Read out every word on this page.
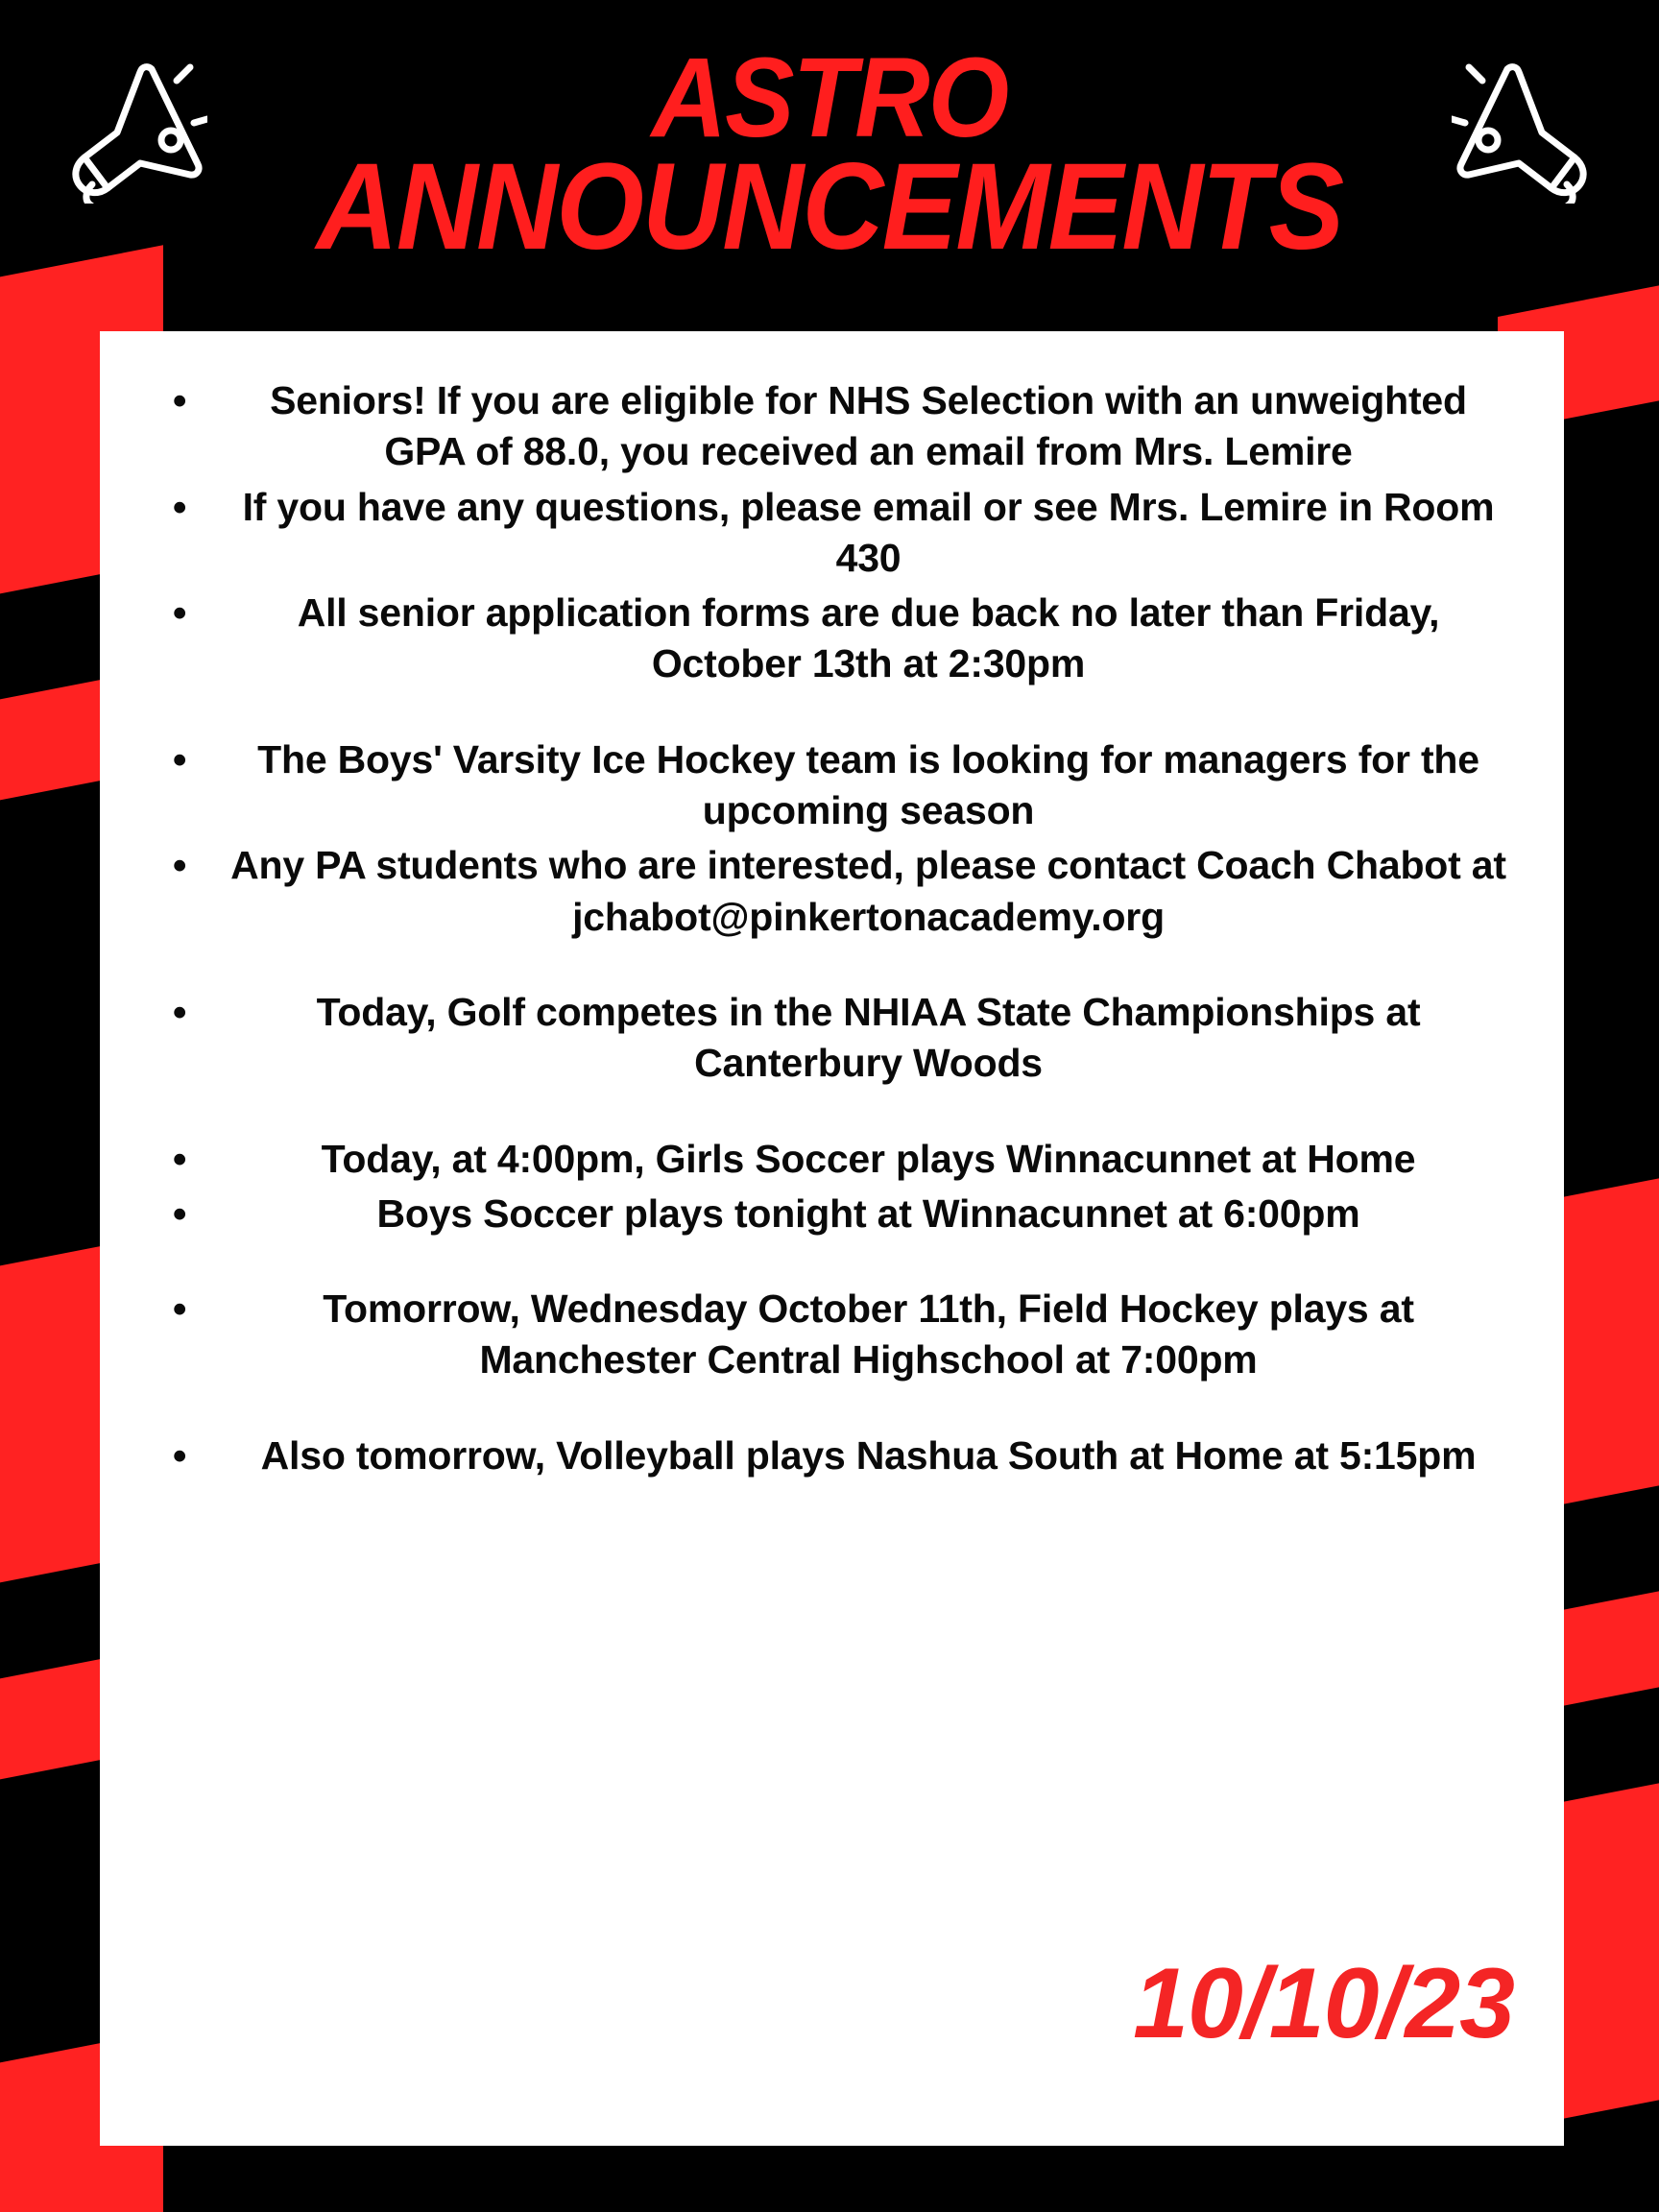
ASTRO
ANNOUNCEMENTS
• Seniors! If you are eligible for NHS Selection with an unweighted GPA of 88.0, you received an email from Mrs. Lemire
• If you have any questions, please email or see Mrs. Lemire in Room 430
• All senior application forms are due back no later than Friday, October 13th at 2:30pm
• The Boys' Varsity Ice Hockey team is looking for managers for the upcoming season
• Any PA students who are interested, please contact Coach Chabot at jchabot@pinkertonacademy.org
• Today, Golf competes in the NHIAA State Championships at Canterbury Woods
• Today, at 4:00pm, Girls Soccer plays Winnacunnet at Home
• Boys Soccer plays tonight at Winnacunnet at 6:00pm
• Tomorrow, Wednesday October 11th, Field Hockey plays at Manchester Central Highschool at 7:00pm
• Also tomorrow, Volleyball plays Nashua South at Home at 5:15pm
10/10/23
